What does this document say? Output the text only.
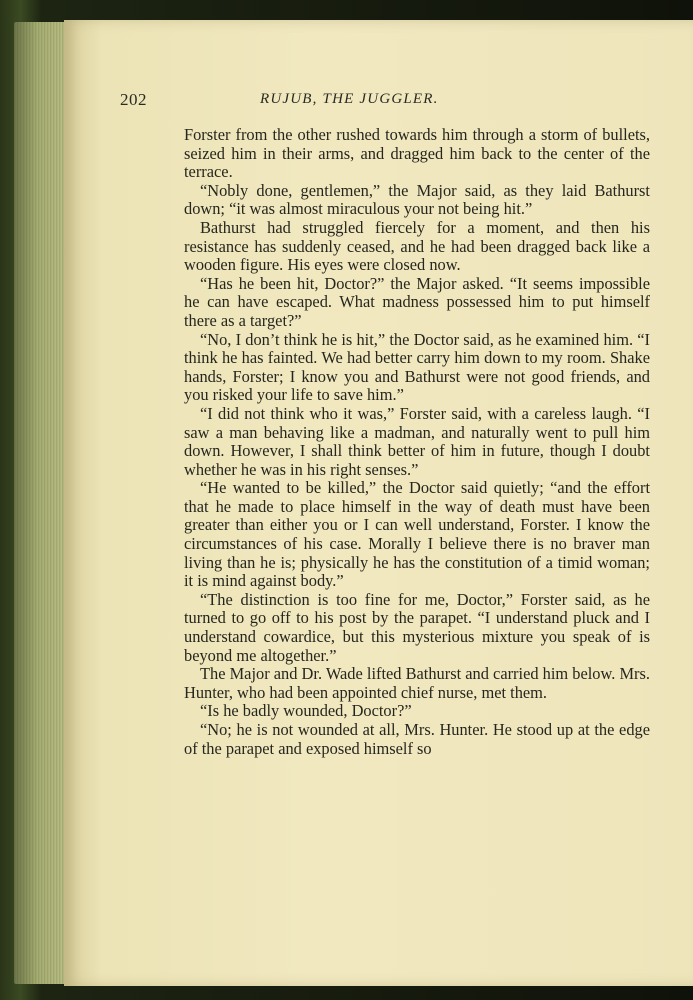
202	RUJUB, THE JUGGLER.

Forster from the other rushed towards him through a storm of bullets, seized him in their arms, and dragged him back to the center of the terrace.

“Nobly done, gentlemen,” the Major said, as they laid Bathurst down; “it was almost miraculous your not being hit.”

Bathurst had struggled fiercely for a moment, and then his resistance has suddenly ceased, and he had been dragged back like a wooden figure. His eyes were closed now.

“Has he been hit, Doctor?” the Major asked. “It seems impossible he can have escaped. What madness possessed him to put himself there as a target?”

“No, I don’t think he is hit,” the Doctor said, as he examined him. “I think he has fainted. We had better carry him down to my room. Shake hands, Forster; I know you and Bathurst were not good friends, and you risked your life to save him.”

“I did not think who it was,” Forster said, with a careless laugh. “I saw a man behaving like a madman, and naturally went to pull him down. However, I shall think better of him in future, though I doubt whether he was in his right senses.”

“He wanted to be killed,” the Doctor said quietly; “and the effort that he made to place himself in the way of death must have been greater than either you or I can well understand, Forster. I know the circumstances of his case. Morally I believe there is no braver man living than he is; physically he has the constitution of a timid woman; it is mind against body.”

“The distinction is too fine for me, Doctor,” Forster said, as he turned to go off to his post by the parapet. “I understand pluck and I understand cowardice, but this mysterious mixture you speak of is beyond me altogether.”

The Major and Dr. Wade lifted Bathurst and carried him below. Mrs. Hunter, who had been appointed chief nurse, met them.

“Is he badly wounded, Doctor?”

“No; he is not wounded at all, Mrs. Hunter. He stood up at the edge of the parapet and exposed himself so
